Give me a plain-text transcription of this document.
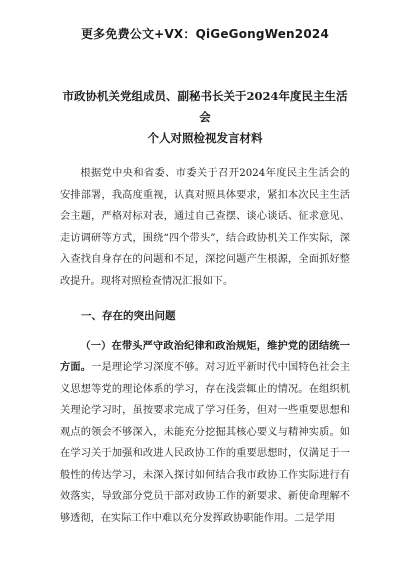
更多免费公文+VX：QiGeGongWen2024
市政协机关党组成员、副秘书长关于2024年度民主生活会
个人对照检视发言材料

根据党中央和省委、市委关于召开2024年度民主生活会的安排部署，我高度重视，认真对照具体要求，紧扣本次民主生活会主题，严格对标对表，通过自己查摆、谈心谈话、征求意见、走访调研等方式，围绕“四个带头”，结合政协机关工作实际，深入查找自身存在的问题和不足，深挖问题产生根源，全面抓好整改提升。现将对照检查情况汇报如下。

一、存在的突出问题

（一）在带头严守政治纪律和政治规矩，维护党的团结统一方面。一是理论学习深度不够。对习近平新时代中国特色社会主义思想等党的理论体系的学习，存在浅尝辄止的情况。在组织机关理论学习时，虽按要求完成了学习任务，但对一些重要思想和观点的领会不够深入，未能充分挖掘其核心要义与精神实质。如在学习关于加强和改进人民政协工作的重要思想时，仅满足于一般性的传达学习，未深入探讨如何结合我市政协工作实际进行有效落实，导致部分党员干部对政协工作的新要求、新使命理解不够透彻，在实际工作中难以充分发挥政协职能作用。二是学用
